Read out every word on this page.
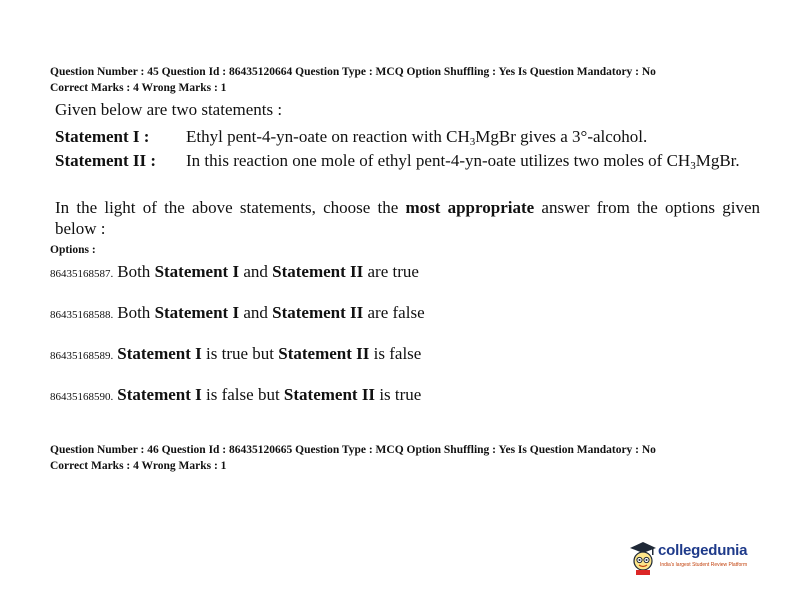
Question Number : 45 Question Id : 86435120664 Question Type : MCQ Option Shuffling : Yes Is Question Mandatory : No
Correct Marks : 4 Wrong Marks : 1
Given below are two statements :
Statement I : Ethyl pent-4-yn-oate on reaction with $CH_3MgBr$ gives a 3°-alcohol.
Statement II : In this reaction one mole of ethyl pent-4-yn-oate utilizes two moles of $CH_3MgBr$.
In the light of the above statements, choose the most appropriate answer from the options given below :
Options :
86435168587. Both Statement I and Statement II are true
86435168588. Both Statement I and Statement II are false
86435168589. Statement I is true but Statement II is false
86435168590. Statement I is false but Statement II is true
Question Number : 46 Question Id : 86435120665 Question Type : MCQ Option Shuffling : Yes Is Question Mandatory : No
Correct Marks : 4 Wrong Marks : 1
collegedunia
India's largest Student Review Platform
